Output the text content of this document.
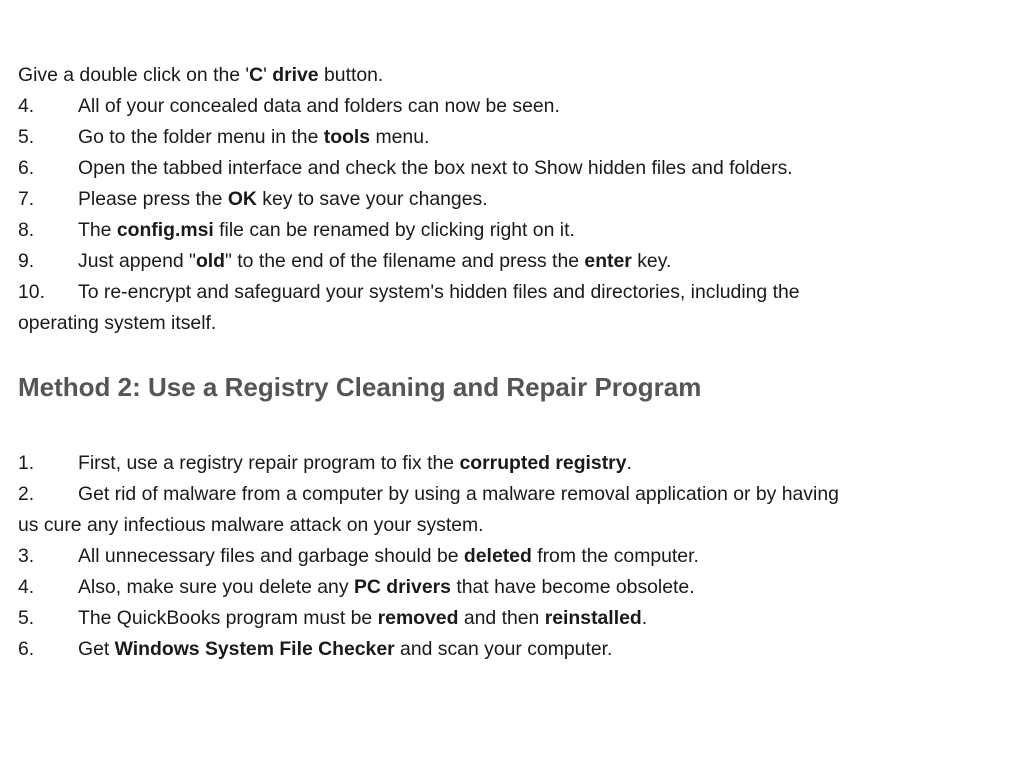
Give a double click on the 'C' drive button.
4. All of your concealed data and folders can now be seen.
5. Go to the folder menu in the tools menu.
6. Open the tabbed interface and check the box next to Show hidden files and folders.
7. Please press the OK key to save your changes.
8. The config.msi file can be renamed by clicking right on it.
9. Just append "old" to the end of the filename and press the enter key.
10. To re-encrypt and safeguard your system's hidden files and directories, including the
operating system itself.
Method 2: Use a Registry Cleaning and Repair Program
1. First, use a registry repair program to fix the corrupted registry.
2. Get rid of malware from a computer by using a malware removal application or by having
us cure any infectious malware attack on your system.
3. All unnecessary files and garbage should be deleted from the computer.
4. Also, make sure you delete any PC drivers that have become obsolete.
5. The QuickBooks program must be removed and then reinstalled.
6. Get Windows System File Checker and scan your computer.
